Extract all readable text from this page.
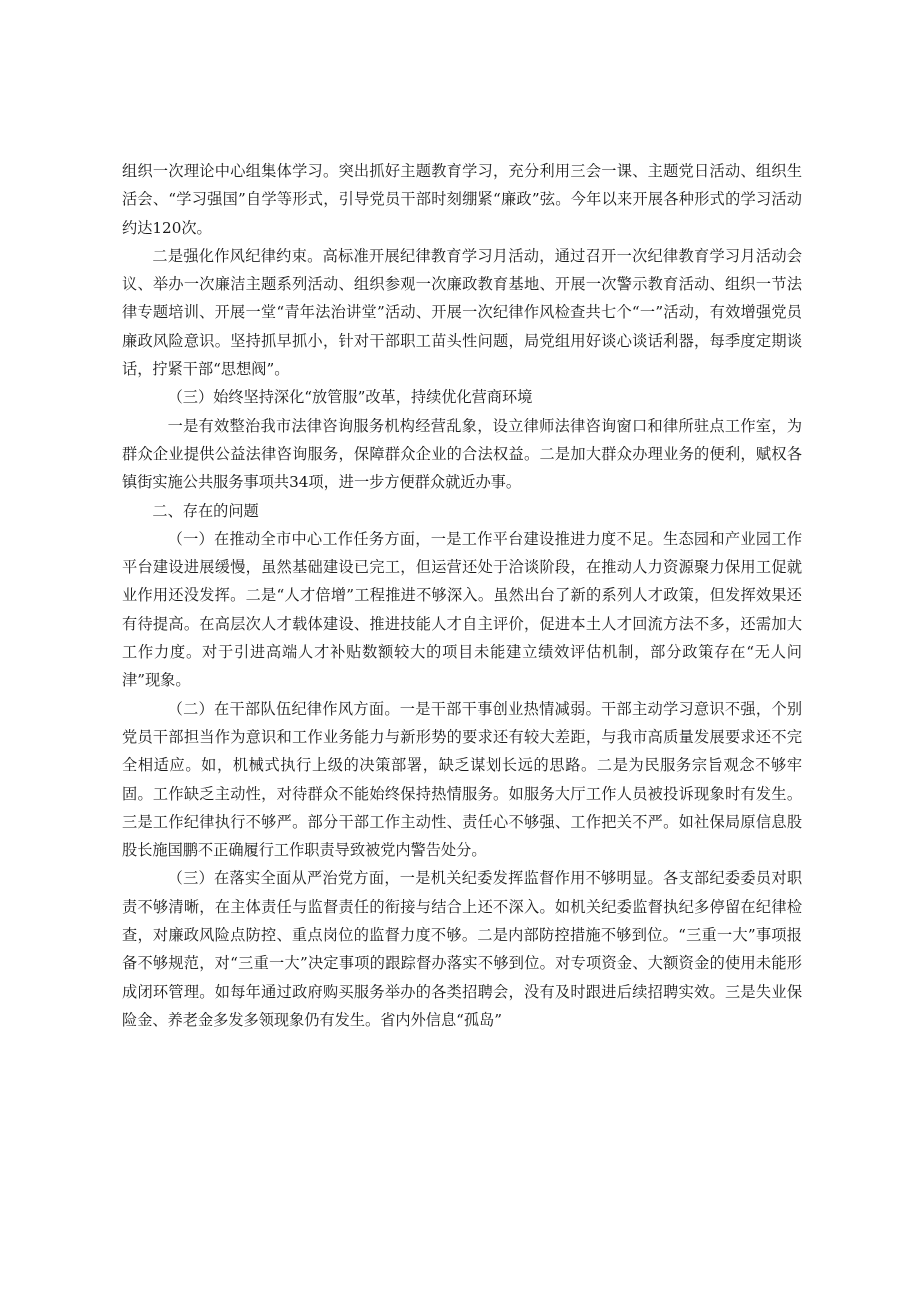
组织一次理论中心组集体学习。突出抓好主题教育学习，充分利用三会一课、主题党日活动、组织生活会、“学习强国”自学等形式，引导党员干部时刻绷紧“廉政”弦。今年以来开展各种形式的学习活动约达120次。

二是强化作风纪律约束。高标准开展纪律教育学习月活动，通过召开一次纪律教育学习月活动会议、举办一次廉洁主题系列活动、组织参观一次廉政教育基地、开展一次警示教育活动、组织一节法律专题培训、开展一堂“青年法治讲堂”活动、开展一次纪律作风检查共七个“一”活动，有效增强党员廉政风险意识。坚持抓早抓小，针对干部职工苗头性问题，局党组用好谈心谈话利器，每季度定期谈话，拧紧干部“思想阀”。

（三）始终坚持深化“放管服”改革，持续优化营商环境

一是有效整治我市法律咨询服务机构经营乱象，设立律师法律咨询窗口和律所驻点工作室，为群众企业提供公益法律咨询服务，保障群众企业的合法权益。二是加大群众办理业务的便利，赋权各镇街实施公共服务事项共34项，进一步方便群众就近办事。

二、存在的问题

（一）在推动全市中心工作任务方面，一是工作平台建设推进力度不足。生态园和产业园工作平台建设进展缓慢，虽然基础建设已完工，但运营还处于洽谈阶段，在推动人力资源聚力保用工促就业作用还没发挥。二是“人才倍增”工程推进不够深入。虽然出台了新的系列人才政策，但发挥效果还有待提高。在高层次人才载体建设、推进技能人才自主评价，促进本土人才回流方法不多，还需加大工作力度。对于引进高端人才补贴数额较大的项目未能建立绩效评估机制，部分政策存在“无人问津”现象。

（二）在干部队伍纪律作风方面。一是干部干事创业热情减弱。干部主动学习意识不强，个别党员干部担当作为意识和工作业务能力与新形势的要求还有较大差距，与我市高质量发展要求还不完全相适应。如，机械式执行上级的决策部署，缺乏谋划长远的思路。二是为民服务宗旨观念不够牢固。工作缺乏主动性，对待群众不能始终保持热情服务。如服务大厅工作人员被投诉现象时有发生。三是工作纪律执行不够严。部分干部工作主动性、责任心不够强、工作把关不严。如社保局原信息股股长施国鹏不正确履行工作职责导致被党内警告处分。

（三）在落实全面从严治党方面，一是机关纪委发挥监督作用不够明显。各支部纪委委员对职责不够清晰，在主体责任与监督责任的衔接与结合上还不深入。如机关纪委监督执纪多停留在纪律检查，对廉政风险点防控、重点岗位的监督力度不够。二是内部防控措施不够到位。“三重一大”事项报备不够规范，对“三重一大”决定事项的跟踪督办落实不够到位。对专项资金、大额资金的使用未能形成闭环管理。如每年通过政府购买服务举办的各类招聘会，没有及时跟进后续招聘实效。三是失业保险金、养老金多发多领现象仍有发生。省内外信息“孤岛”
